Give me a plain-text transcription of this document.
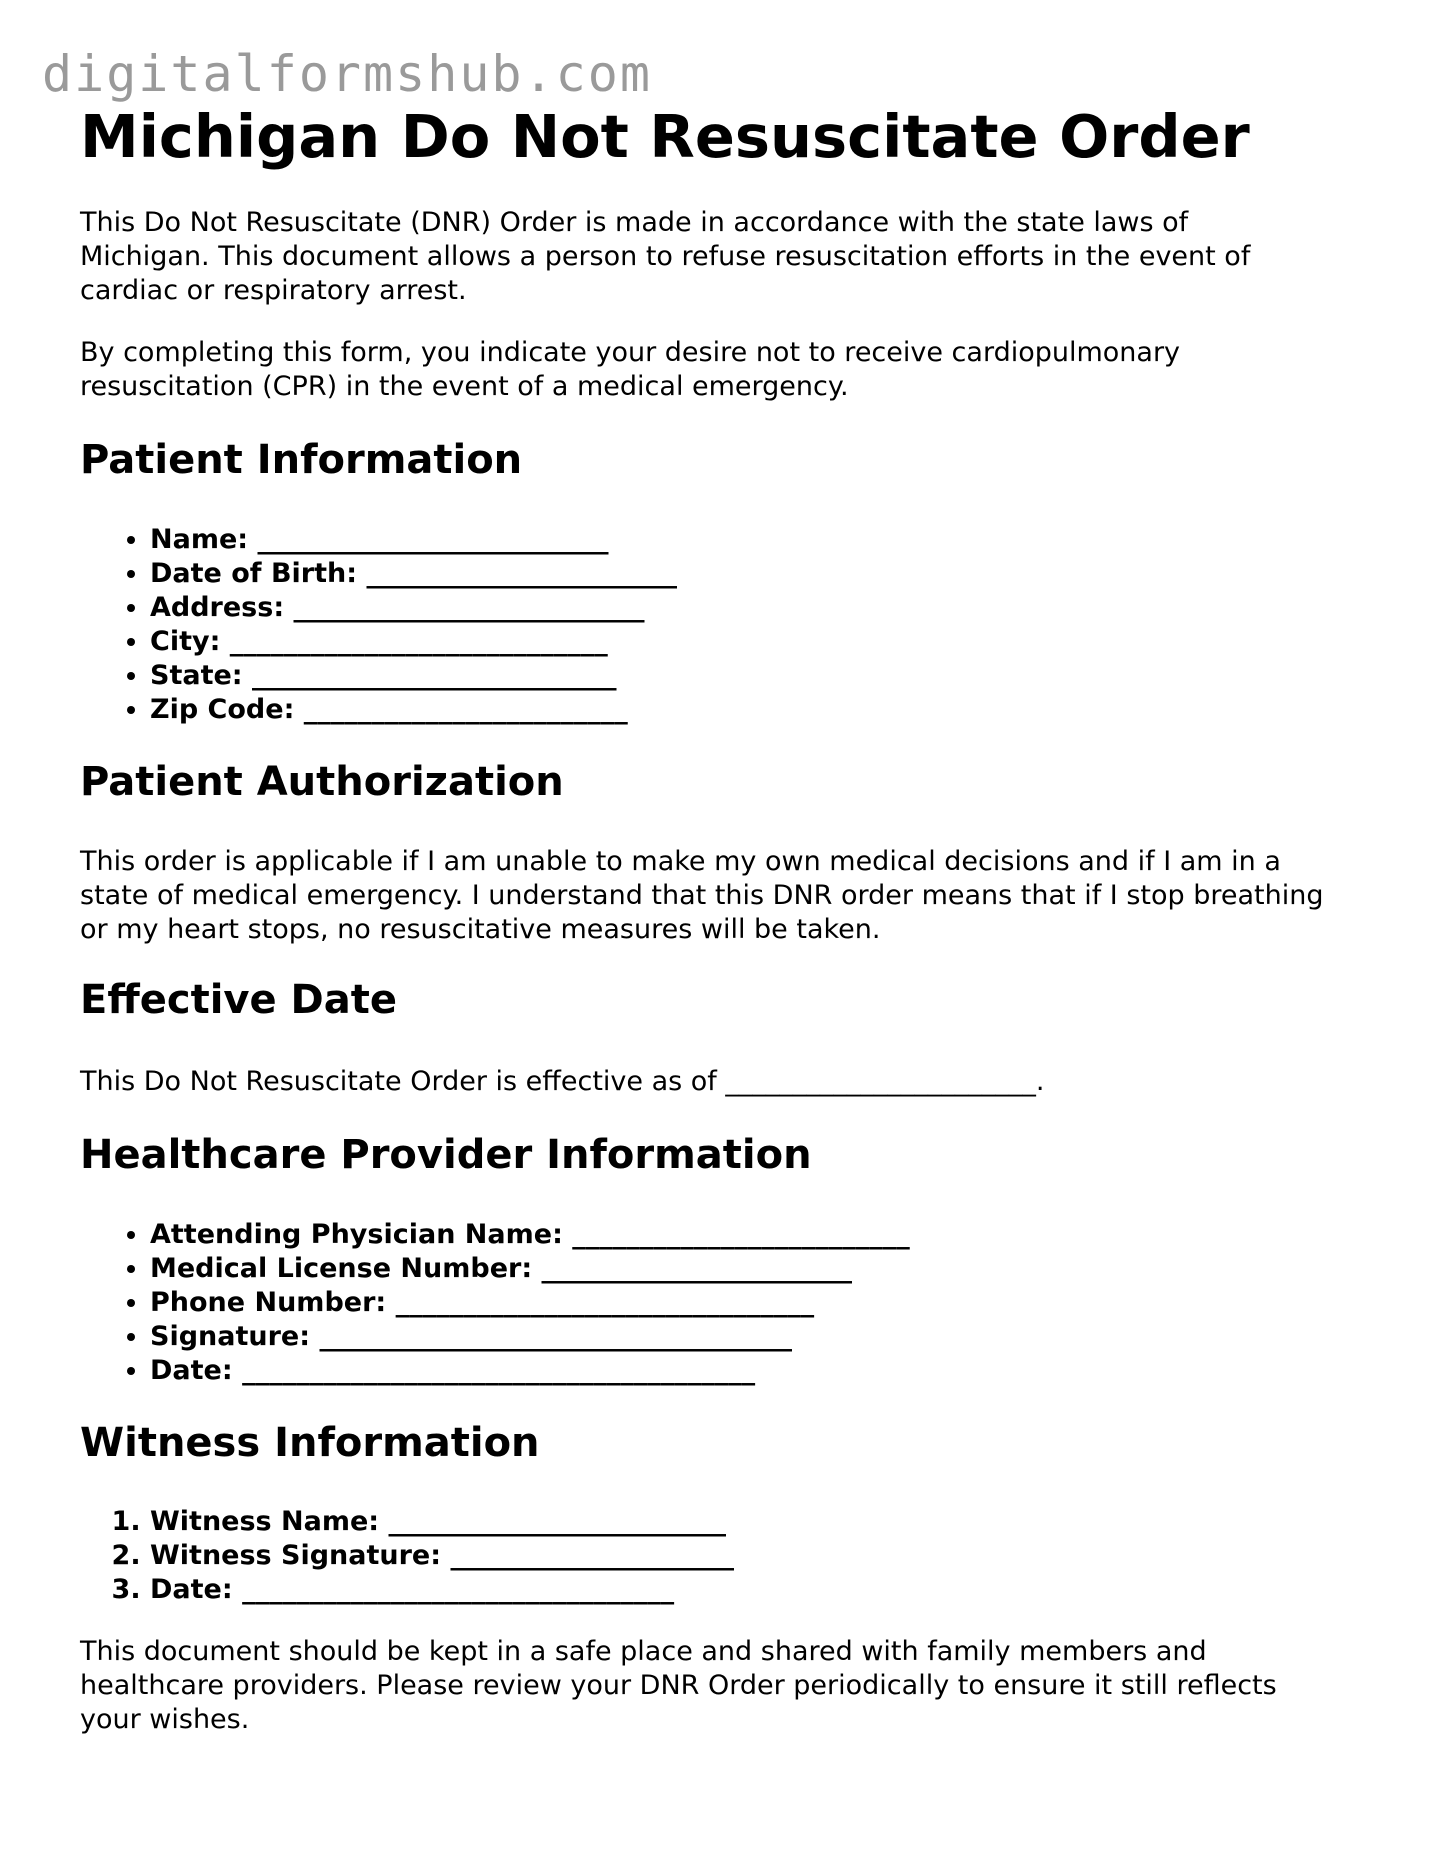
digitalformshub.com
Michigan Do Not Resuscitate Order

This Do Not Resuscitate (DNR) Order is made in accordance with the state laws of Michigan. This document allows a person to refuse resuscitation efforts in the event of cardiac or respiratory arrest.

By completing this form, you indicate your desire not to receive cardiopulmonary resuscitation (CPR) in the event of a medical emergency.

Patient Information
• Name: __________________________
• Date of Birth: _______________________
• Address: __________________________
• City: ____________________________
• State: ___________________________
• Zip Code: ________________________
Patient Authorization

This order is applicable if I am unable to make my own medical decisions and if I am in a state of medical emergency. I understand that this DNR order means that if I stop breathing or my heart stops, no resuscitative measures will be taken.

Effective Date

This Do Not Resuscitate Order is effective as of _______________________.

Healthcare Provider Information
• Attending Physician Name: _________________________
• Medical License Number: _______________________
• Phone Number: _______________________________
• Signature: ___________________________________
• Date: ______________________________________
Witness Information
1. Witness Name: _________________________
2. Witness Signature: _____________________
3. Date: ________________________________

This document should be kept in a safe place and shared with family members and healthcare providers. Please review your DNR Order periodically to ensure it still reflects your wishes.
